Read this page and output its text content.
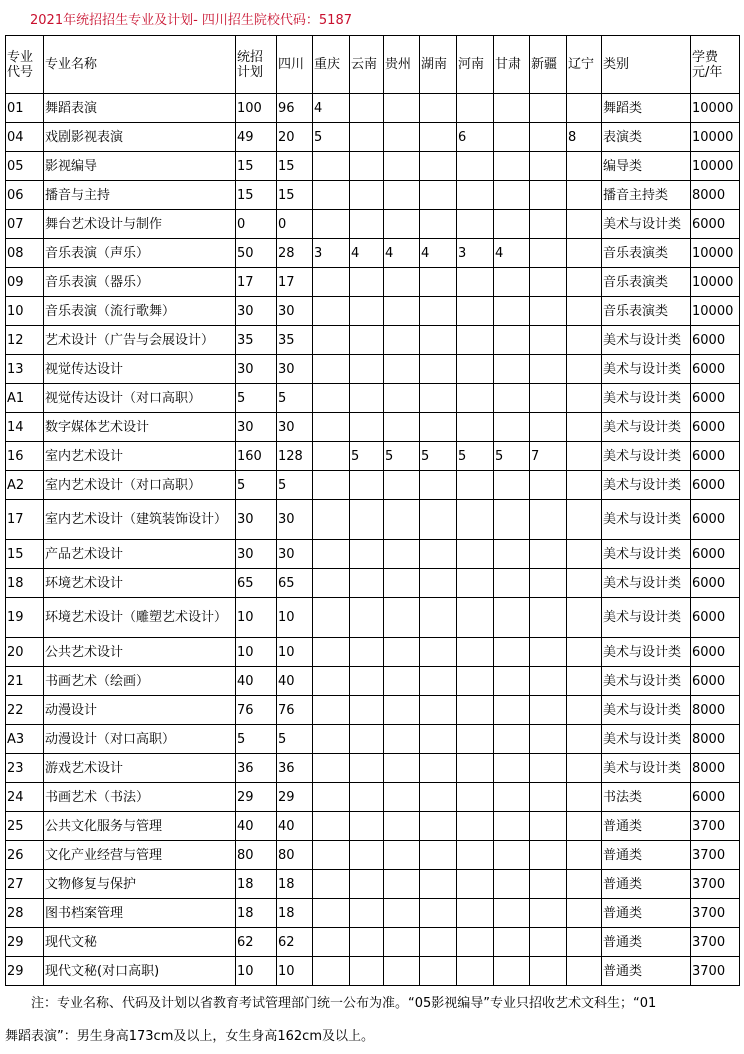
2021年统招招生专业及计划- 四川招生院校代码：5187
专业代号	专业名称	统招计划	四川	重庆	云南	贵州	湖南	河南	甘肃	新疆	辽宁	类别	学费 元/年
01	舞蹈表演	100	96	4								舞蹈类	10000
04	戏剧影视表演	49	20	5				6			8	表演类	10000
05	影视编导	15	15									编导类	10000
06	播音与主持	15	15									播音主持类	8000
07	舞台艺术设计与制作	0	0									美术与设计类	6000
08	音乐表演（声乐）	50	28	3	4	4	4	3	4			音乐表演类	10000
09	音乐表演（器乐）	17	17									音乐表演类	10000
10	音乐表演（流行歌舞）	30	30									音乐表演类	10000
12	艺术设计（广告与会展设计）	35	35									美术与设计类	6000
13	视觉传达设计	30	30									美术与设计类	6000
A1	视觉传达设计（对口高职）	5	5									美术与设计类	6000
14	数字媒体艺术设计	30	30									美术与设计类	6000
16	室内艺术设计	160	128		5	5	5	5	5	7		美术与设计类	6000
A2	室内艺术设计（对口高职）	5	5									美术与设计类	6000
17	室内艺术设计（建筑装饰设计）	30	30									美术与设计类	6000
15	产品艺术设计	30	30									美术与设计类	6000
18	环境艺术设计	65	65									美术与设计类	6000
19	环境艺术设计（雕塑艺术设计）	10	10									美术与设计类	6000
20	公共艺术设计	10	10									美术与设计类	6000
21	书画艺术（绘画）	40	40									美术与设计类	6000
22	动漫设计	76	76									美术与设计类	8000
A3	动漫设计（对口高职）	5	5									美术与设计类	8000
23	游戏艺术设计	36	36									美术与设计类	8000
24	书画艺术（书法）	29	29									书法类	6000
25	公共文化服务与管理	40	40									普通类	3700
26	文化产业经营与管理	80	80									普通类	3700
27	文物修复与保护	18	18									普通类	3700
28	图书档案管理	18	18									普通类	3700
29	现代文秘	62	62									普通类	3700
29	现代文秘(对口高职)	10	10									普通类	3700
注：专业名称、代码及计划以省教育考试管理部门统一公布为准。“05影视编导”专业只招收艺术文科生；“01
舞蹈表演”：男生身高173cm及以上，女生身高162cm及以上。
